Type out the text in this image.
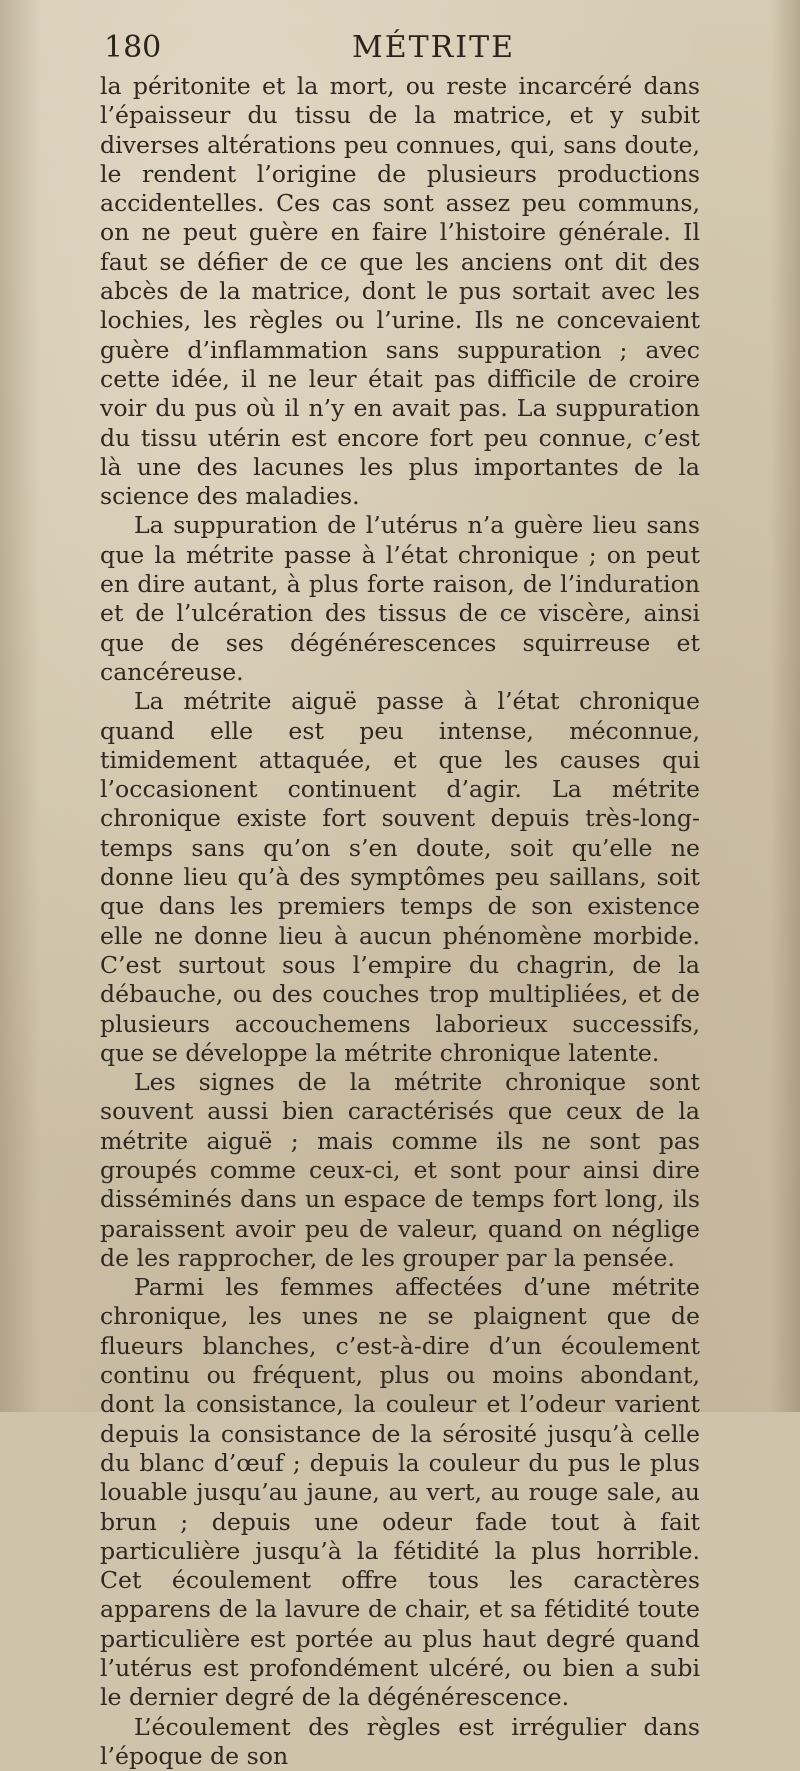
180	MÉTRITE

la péritonite et la mort, ou reste incarcéré dans l’épaisseur du tissu de la matrice, et y subit diverses altérations peu connues, qui, sans doute, le rendent l’origine de plusieurs productions accidentelles. Ces cas sont assez peu communs, on ne peut guère en faire l’histoire générale. Il faut se défier de ce que les anciens ont dit des abcès de la matrice, dont le pus sortait avec les lochies, les règles ou l’urine. Ils ne concevaient guère d’inflammation sans suppuration ; avec cette idée, il ne leur était pas difficile de croire voir du pus où il n’y en avait pas. La suppuration du tissu utérin est encore fort peu connue, c’est là une des lacunes les plus importantes de la science des maladies.

La suppuration de l’utérus n’a guère lieu sans que la métrite passe à l’état chronique ; on peut en dire autant, à plus forte raison, de l’induration et de l’ulcération des tissus de ce viscère, ainsi que de ses dégénérescences squirreuse et cancéreuse.

La métrite aiguë passe à l’état chronique quand elle est peu intense, méconnue, timidement attaquée, et que les causes qui l’occasionent continuent d’agir. La métrite chronique existe fort souvent depuis très-long-temps sans qu’on s’en doute, soit qu’elle ne donne lieu qu’à des symptômes peu saillans, soit que dans les premiers temps de son existence elle ne donne lieu à aucun phénomène morbide. C’est surtout sous l’empire du chagrin, de la débauche, ou des couches trop multipliées, et de plusieurs accouchemens laborieux successifs, que se développe la métrite chronique latente.

Les signes de la métrite chronique sont souvent aussi bien caractérisés que ceux de la métrite aiguë ; mais comme ils ne sont pas groupés comme ceux-ci, et sont pour ainsi dire disséminés dans un espace de temps fort long, ils paraissent avoir peu de valeur, quand on néglige de les rapprocher, de les grouper par la pensée.

Parmi les femmes affectées d’une métrite chronique, les unes ne se plaignent que de flueurs blanches, c’est-à-dire d’un écoulement continu ou fréquent, plus ou moins abondant, dont la consistance, la couleur et l’odeur varient depuis la consistance de la sérosité jusqu’à celle du blanc d’œuf ; depuis la couleur du pus le plus louable jusqu’au jaune, au vert, au rouge sale, au brun ; depuis une odeur fade tout à fait particulière jusqu’à la fétidité la plus horrible. Cet écoulement offre tous les caractères apparens de la lavure de chair, et sa fétidité toute particulière est portée au plus haut degré quand l’utérus est profondément ulcéré, ou bien a subi le dernier degré de la dégénérescence.

L’écoulement des règles est irrégulier dans l’époque de son
